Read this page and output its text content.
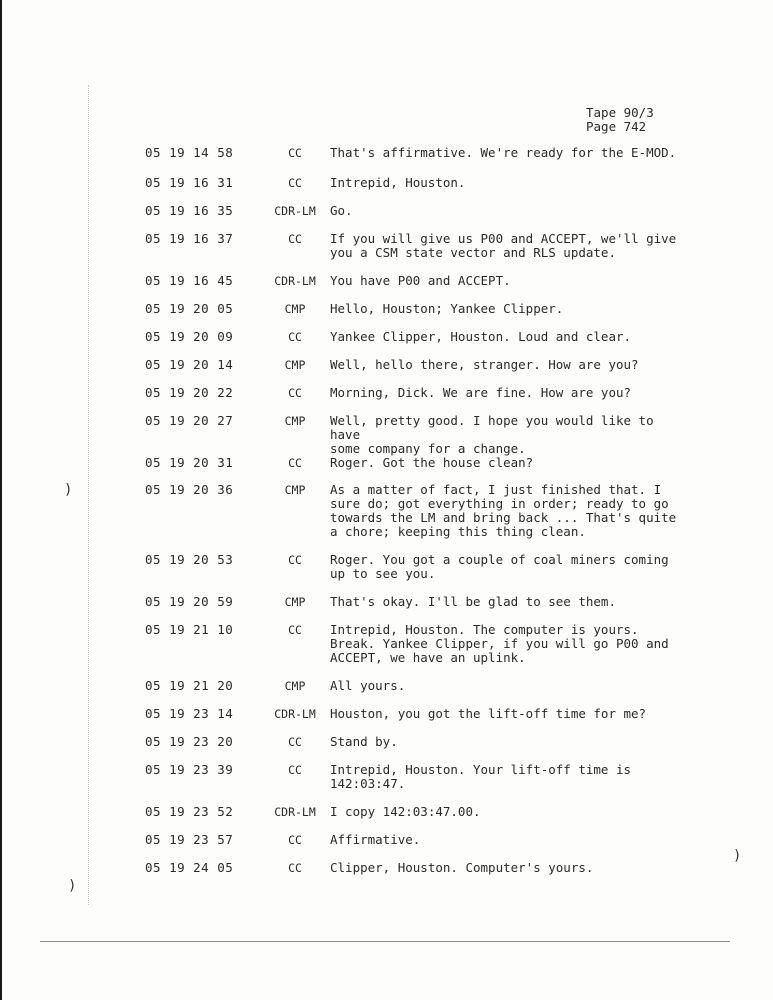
Tape 90/3
Page 742
05 19 14 58	CC	That's affirmative. We're ready for the E-MOD.
05 19 16 31	CC	Intrepid, Houston.
05 19 16 35	CDR-LM	Go.
05 19 16 37	CC	If you will give us P00 and ACCEPT, we'll give
you a CSM state vector and RLS update.
05 19 16 45	CDR-LM	You have P00 and ACCEPT.
05 19 20 05	CMP	Hello, Houston; Yankee Clipper.
05 19 20 09	CC	Yankee Clipper, Houston. Loud and clear.
05 19 20 14	CMP	Well, hello there, stranger. How are you?
05 19 20 22	CC	Morning, Dick. We are fine. How are you?
05 19 20 27	CMP	Well, pretty good. I hope you would like to have
some company for a change.
05 19 20 31	CC	Roger. Got the house clean?
05 19 20 36	CMP	As a matter of fact, I just finished that. I
sure do; got everything in order; ready to go
towards the LM and bring back ... That's quite
a chore; keeping this thing clean.
05 19 20 53	CC	Roger. You got a couple of coal miners coming
up to see you.
05 19 20 59	CMP	That's okay. I'll be glad to see them.
05 19 21 10	CC	Intrepid, Houston. The computer is yours.
Break. Yankee Clipper, if you will go P00 and
ACCEPT, we have an uplink.
05 19 21 20	CMP	All yours.
05 19 23 14	CDR-LM	Houston, you got the lift-off time for me?
05 19 23 20	CC	Stand by.
05 19 23 39	CC	Intrepid, Houston. Your lift-off time is
142:03:47.
05 19 23 52	CDR-LM	I copy 142:03:47.00.
05 19 23 57	CC	Affirmative.
05 19 24 05	CC	Clipper, Houston. Computer's yours.
)
)
)
